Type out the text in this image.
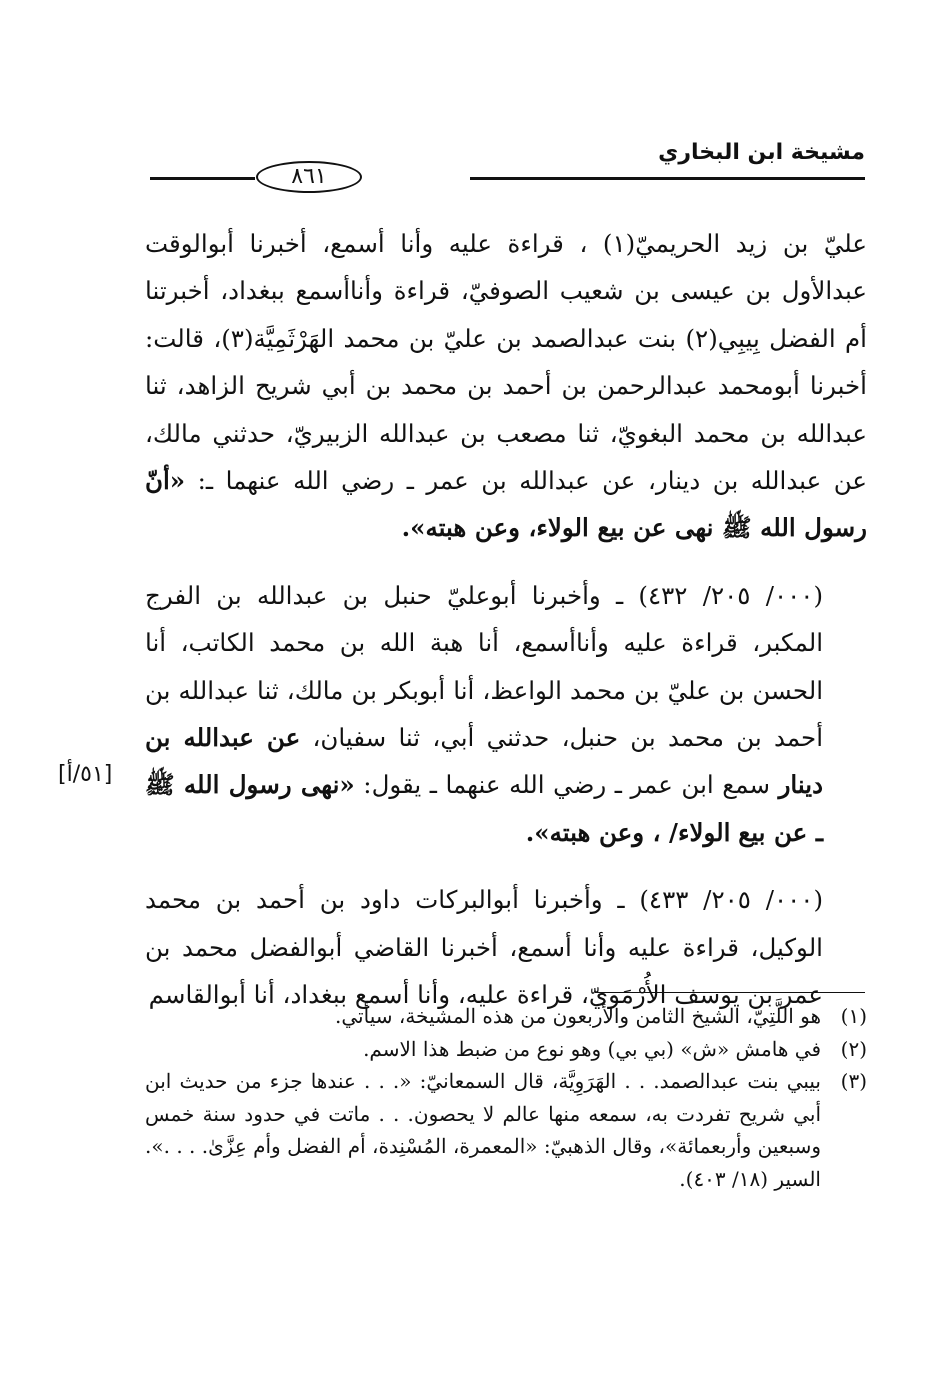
مشيخة ابن البخاري
٨٦١

عليّ بن زيد الحريميّ(١) ، قراءة عليه وأنا أسمع، أخبرنا أبوالوقت عبدالأول بن عيسى بن شعيب الصوفيّ، قراءة وأناأسمع ببغداد، أخبرتنا أم الفضل بِيبِي(٢) بنت عبدالصمد بن عليّ بن محمد الهَرْثَمِيَّة(٣)، قالت: أخبرنا أبومحمد عبدالرحمن بن أحمد بن محمد بن أبي شريح الزاهد، ثنا عبدالله بن محمد البغويّ، ثنا مصعب بن عبدالله الزبيريّ، حدثني مالك، عن عبدالله بن دينار، عن عبدالله بن عمر ـ رضي الله عنهما ـ: «أنّ رسول الله ﷺ نهى عن بيع الولاء، وعن هبته».

(٠٠٠/ ٢٠٥/ ٤٣٢) ـ وأخبرنا أبوعليّ حنبل بن عبدالله بن الفرج المكبر، قراءة عليه وأناأسمع، أنا هبة الله بن محمد الكاتب، أنا الحسن بن عليّ بن محمد الواعظ، أنا أبوبكر بن مالك، ثنا عبدالله بن أحمد بن محمد بن حنبل، حدثني أبي، ثنا سفيان، عن عبدالله بن دينار سمع ابن عمر ـ رضي الله عنهما ـ يقول: «نهى رسول الله ﷺ ـ عن بيع الولاء/ ، وعن هبته».

(٠٠٠/ ٢٠٥/ ٤٣٣) ـ وأخبرنا أبوالبركات داود بن أحمد بن محمد الوكيل، قراءة عليه وأنا أسمع، أخبرنا القاضي أبوالفضل محمد بن عمر بن يوسف الأُرْمَويّ، قراءة عليه، وأنا أسمع ببغداد، أنا أبوالقاسم

[٥١/أ]
(١)
هو اللَّتِيّ، الشيخ الثامن والأربعون من هذه المشيخة، سيأتي.
(٢)
في هامش «ش» (بي بي) وهو نوع من ضبط هذا الاسم.
(٣)
بيبي بنت عبدالصمد. . . الهَرَوِيَّة، قال السمعانيّ: «. . . عندها جزء من حديث ابن أبي شريح تفردت به، سمعه منها عالم لا يحصون. . . ماتت في حدود سنة خمس وسبعين وأربعمائة»، وقال الذهبيّ: «المعمرة، المُسْنِدة، أم الفضل وأم عِزَّىٰ. . . .».
السير (١٨/ ٤٠٣).
